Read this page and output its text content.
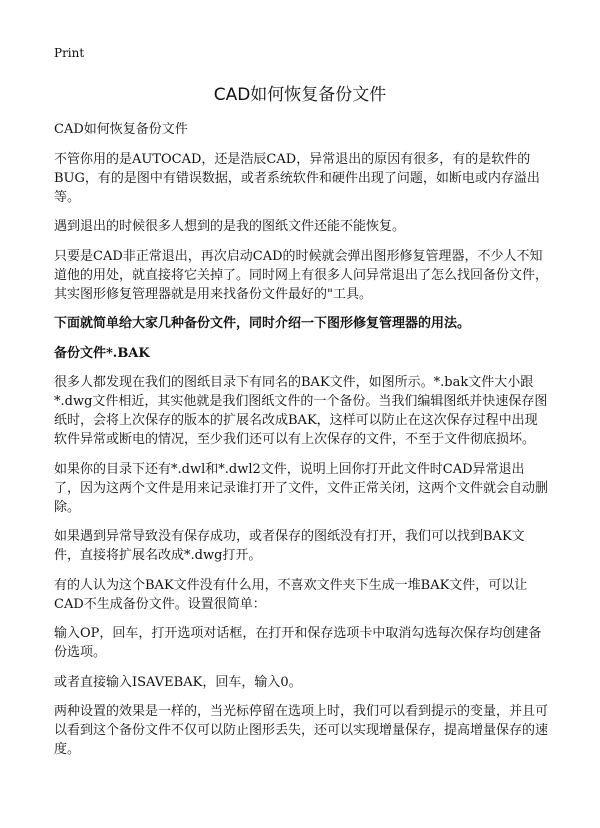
Print
CAD如何恢复备份文件

CAD如何恢复备份文件

不管你用的是AUTOCAD，还是浩辰CAD，异常退出的原因有很多，有的是软件的BUG，有的是图中有错误数据，或者系统软件和硬件出现了问题，如断电或内存溢出等。

遇到退出的时候很多人想到的是我的图纸文件还能不能恢复。

只要是CAD非正常退出，再次启动CAD的时候就会弹出图形修复管理器，不少人不知道他的用处，就直接将它关掉了。同时网上有很多人问异常退出了怎么找回备份文件，其实图形修复管理器就是用来找备份文件最好的"工具。

下面就简单给大家几种备份文件，同时介绍一下图形修复管理器的用法。

备份文件*.BAK

很多人都发现在我们的图纸目录下有同名的BAK文件，如图所示。*.bak文件大小跟*.dwg文件相近，其实他就是我们图纸文件的一个备份。当我们编辑图纸并快速保存图纸时，会将上次保存的版本的扩展名改成BAK，这样可以防止在这次保存过程中出现软件异常或断电的情况，至少我们还可以有上次保存的文件，不至于文件彻底损坏。

如果你的目录下还有*.dwl和*.dwl2文件，说明上回你打开此文件时CAD异常退出了，因为这两个文件是用来记录谁打开了文件，文件正常关闭，这两个文件就会自动删除。

如果遇到异常导致没有保存成功，或者保存的图纸没有打开，我们可以找到BAK文件，直接将扩展名改成*.dwg打开。

有的人认为这个BAK文件没有什么用，不喜欢文件夹下生成一堆BAK文件，可以让CAD不生成备份文件。设置很简单：

输入OP，回车，打开选项对话框，在打开和保存选项卡中取消勾选每次保存均创建备份选项。

或者直接输入ISAVEBAK，回车，输入0。

两种设置的效果是一样的，当光标停留在选项上时，我们可以看到提示的变量，并且可以看到这个备份文件不仅可以防止图形丢失，还可以实现增量保存，提高增量保存的速度。
